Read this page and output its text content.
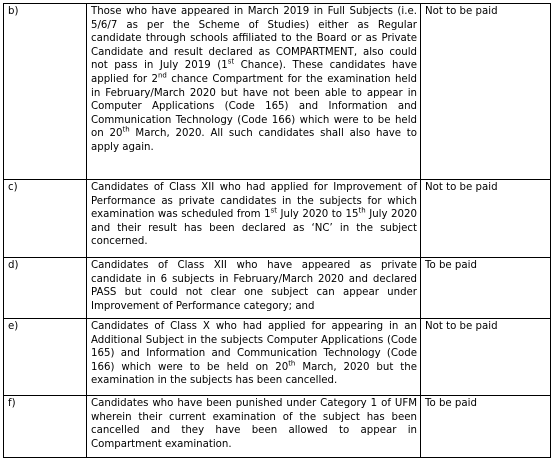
b)	Those who have appeared in March 2019 in Full Subjects (i.e. 5/6/7 as per the Scheme of Studies) either as Regular candidate through schools affiliated to the Board or as Private Candidate and result declared as COMPARTMENT, also could not pass in July 2019 (1st Chance). These candidates have applied for 2nd chance Compartment for the examination held in February/March 2020 but have not been able to appear in Computer Applications (Code 165) and Information and Communication Technology (Code 166) which were to be held on 20th March, 2020. All such candidates shall also have to apply again.	Not to be paid
c)	Candidates of Class XII who had applied for Improvement of Performance as private candidates in the subjects for which examination was scheduled from 1st July 2020 to 15th July 2020 and their result has been declared as ‘NC’ in the subject concerned.	Not to be paid
d)	Candidates of Class XII who have appeared as private candidate in 6 subjects in February/March 2020 and declared PASS but could not clear one subject can appear under Improvement of Performance category; and	To be paid
e)	Candidates of Class X who had applied for appearing in an Additional Subject in the subjects Computer Applications (Code 165) and Information and Communication Technology (Code 166) which were to be held on 20th March, 2020 but the examination in the subjects has been cancelled.	Not to be paid
f)	Candidates who have been punished under Category 1 of UFM wherein their current examination of the subject has been cancelled and they have been allowed to appear in Compartment examination.	To be paid
